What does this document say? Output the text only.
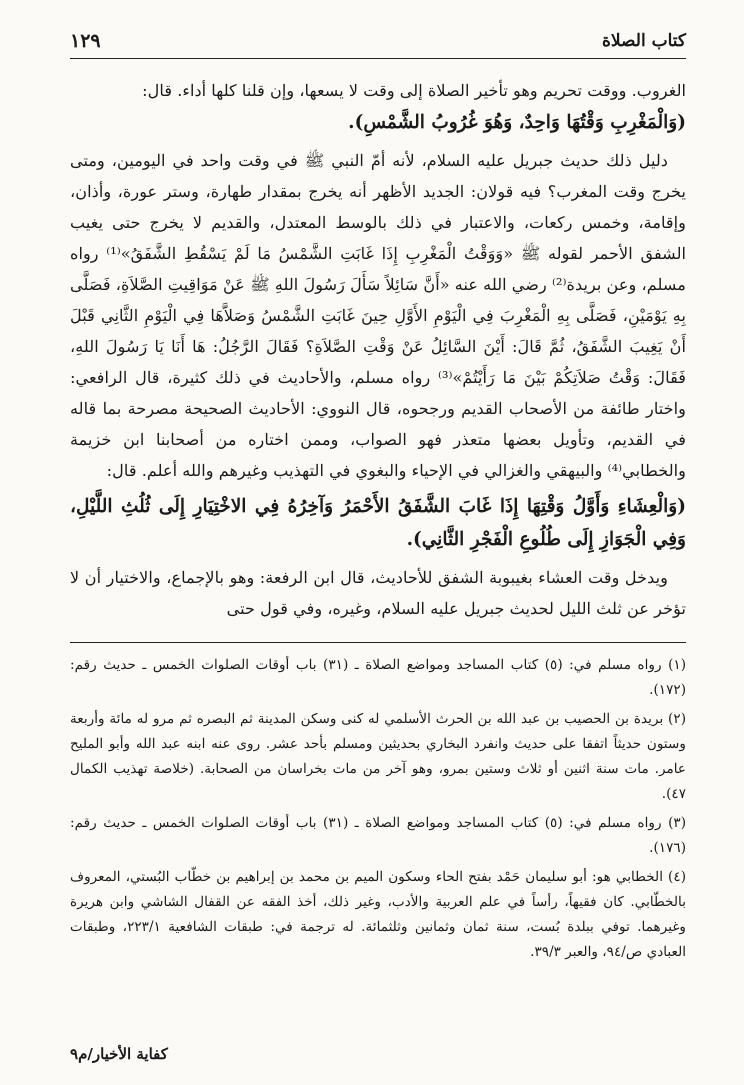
كتاب الصلاة
١٢٩

الغروب. ووقت تحريم وهو تأخير الصلاة إلى وقت لا يسعها، وإن قلنا كلها أداء. قال:

(وَالْمَغْرِبِ وَقْتُهَا وَاحِدٌ، وَهُوَ غُرُوبُ الشَّمْسِ).

دليل ذلك حديث جبريل عليه السلام، لأنه أمّ النبي ﷺ في وقت واحد في اليومين، ومتى يخرج وقت المغرب؟ فيه قولان: الجديد الأظهر أنه يخرج بمقدار طهارة، وستر عورة، وأذان، وإقامة، وخمس ركعات، والاعتبار في ذلك بالوسط المعتدل، والقديم لا يخرج حتى يغيب الشفق الأحمر لقوله ﷺ «وَوَقْتُ الْمَغْرِبِ إِذَا غَابَتِ الشَّمْسُ مَا لَمْ يَسْقُطِ الشَّفَقُ»⁽¹⁾ رواه مسلم، وعن بريدة⁽²⁾ رضي الله عنه «أَنَّ سَائِلاً سَأَلَ رَسُولَ اللهِ ﷺ عَنْ مَوَاقِيتِ الصَّلاَةِ، فَصَلَّى بِهِ يَوْمَيْنِ، فَصَلَّى بِهِ الْمَغْرِبَ فِي الْيَوْمِ الأَوَّلِ حِينَ غَابَتِ الشَّمْسُ وَصَلاَّهَا فِي الْيَوْمِ الثَّانِي قَبْلَ أَنْ يَغِيبَ الشَّفَقُ، ثُمَّ قَالَ: أَيْنَ السَّائِلُ عَنْ وَقْتِ الصَّلاَةِ؟ فَقَالَ الرَّجُلُ: هَا أَنَا يَا رَسُولَ اللهِ، فَقَالَ: وَقْتُ صَلاَتِكُمْ بَيْنَ مَا رَأَيْتُمْ»⁽³⁾ رواه مسلم، والأحاديث في ذلك كثيرة، قال الرافعي: واختار طائفة من الأصحاب القديم ورجحوه، قال النووي: الأحاديث الصحيحة مصرحة بما قاله في القديم، وتأويل بعضها متعذر فهو الصواب، وممن اختاره من أصحابنا ابن خزيمة والخطابي⁽⁴⁾ والبيهقي والغزالي في الإحياء والبغوي في التهذيب وغيرهم والله أعلم. قال:

(وَالْعِشَاءِ وَأَوَّلُ وَقْتِهَا إِذَا غَابَ الشَّفَقُ الأَحْمَرُ وَآخِرُهُ فِي الاخْتِيَارِ إِلَى ثُلُثِ اللَّيْلِ، وَفِي الْجَوَازِ إِلَى طُلُوعِ الْفَجْرِ الثَّانِي).

ويدخل وقت العشاء بغيبوبة الشفق للأحاديث، قال ابن الرفعة: وهو بالإجماع، والاختيار أن لا تؤخر عن ثلث الليل لحديث جبريل عليه السلام، وغيره، وفي قول حتى

(١) رواه مسلم في: (٥) كتاب المساجد ومواضع الصلاة ـ (٣١) باب أوقات الصلوات الخمس ـ حديث رقم: (١٧٢).

(٢) بريدة بن الحصيب بن عبد الله بن الحرث الأسلمي له كنى وسكن المدينة ثم البصره ثم مرو له مائة وأربعة وستون حديثاً اتفقا على حديث وانفرد البخاري بحديثين ومسلم بأحد عشر. روى عنه ابنه عبد الله وأبو المليح عامر. مات سنة اثنين أو ثلاث وستين بمرو، وهو آخر من مات بخراسان من الصحابة. (خلاصة تهذيب الكمال ٤٧).

(٣) رواه مسلم في: (٥) كتاب المساجد ومواضع الصلاة ـ (٣١) باب أوقات الصلوات الخمس ـ حديث رقم: (١٧٦).

(٤) الخطابي هو: أبو سليمان حَمْد بفتح الحاء وسكون الميم بن محمد بن إبراهيم بن خطّاب البُستي، المعروف بالخطّابي. كان فقيهاً، رأساً في علم العربية والأدب، وغير ذلك، أخذ الفقه عن القفال الشاشي وابن هريرة وغيرهما. توفي ببلدة بُست، سنة ثمان وثمانين وثلثمائة. له ترجمة في: طبقات الشافعية ٢٢٣/١، وطبقات العبادي ص/٩٤، والعبر ٣٩/٣.

كفاية الأخيار/م٩
